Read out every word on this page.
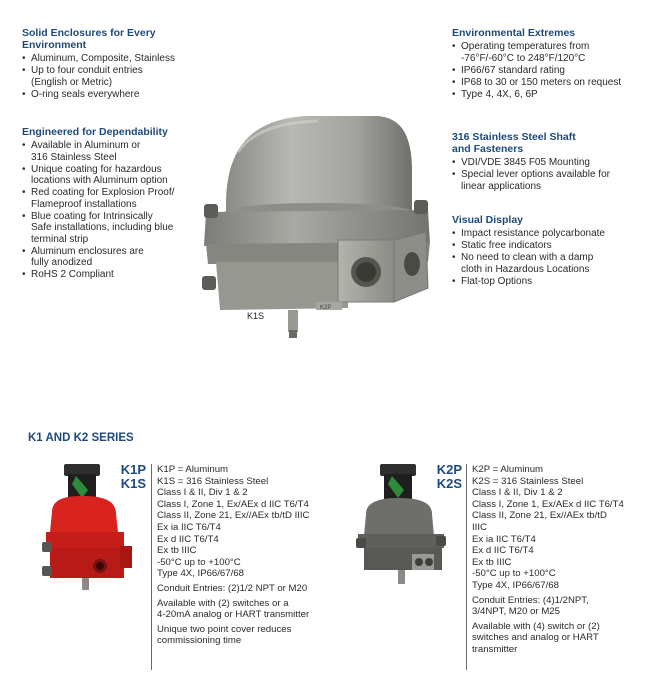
Solid Enclosures for Every Environment
• Aluminum, Composite, Stainless
• Up to four conduit entries
(English or Metric)
• O-ring seals everywhere
Engineered for Dependability
• Available in Aluminum or
316 Stainless Steel
• Unique coating for hazardous
locations with Aluminum option
• Red coating for Explosion Proof/
Flameproof installations
• Blue coating for Intrinsically
Safe installations, including blue
terminal strip
• Aluminum enclosures are
fully anodized
• RoHS 2 Compliant
Environmental Extremes
• Operating temperatures from
-76°F/-60°C to 248°F/120°C
• IP66/67 standard rating
• IP68 to 30 or 150 meters on request
• Type 4, 4X, 6, 6P
316 Stainless Steel Shaft
and Fasteners
• VDI/VDE 3845 F05 Mounting
• Special lever options available for
linear applications
Visual Display
• Impact resistance polycarbonate
• Static free indicators
• No need to clean with a damp
cloth in Hazardous Locations
• Flat-top Options
K2P
K1S
K1 AND K2 SERIES
K1P
K1S

K1P = Aluminum

K1S = 316 Stainless Steel

Class I & II, Div 1 & 2

Class I, Zone 1, Ex/AEx d IIC T6/T4

Class II, Zone 21, Ex//AEx tb/tD IIIC

Ex ia IIC T6/T4

Ex d IIC T6/T4

Ex tb IIIC

-50°C up to +100°C

Type 4X, IP66/67/68

Conduit Entries: (2)1/2 NPT or M20

Available with (2) switches or a
4-20mA analog or HART transmitter

Unique two point cover reduces
commissioning time

K2P
K2S

K2P = Aluminum

K2S = 316 Stainless Steel

Class I & II, Div 1 & 2

Class I, Zone 1, Ex/AEx d IIC T6/T4

Class II, Zone 21, Ex//AEx tb/tD
IIIC

Ex ia IIC T6/T4

Ex d IIC T6/T4

Ex tb IIIC

-50°C up to +100°C

Type 4X, IP66/67/68

Conduit Entries: (4)1/2NPT,
3/4NPT, M20 or M25

Available with (4) switch or (2)
switches and analog or HART
transmitter
